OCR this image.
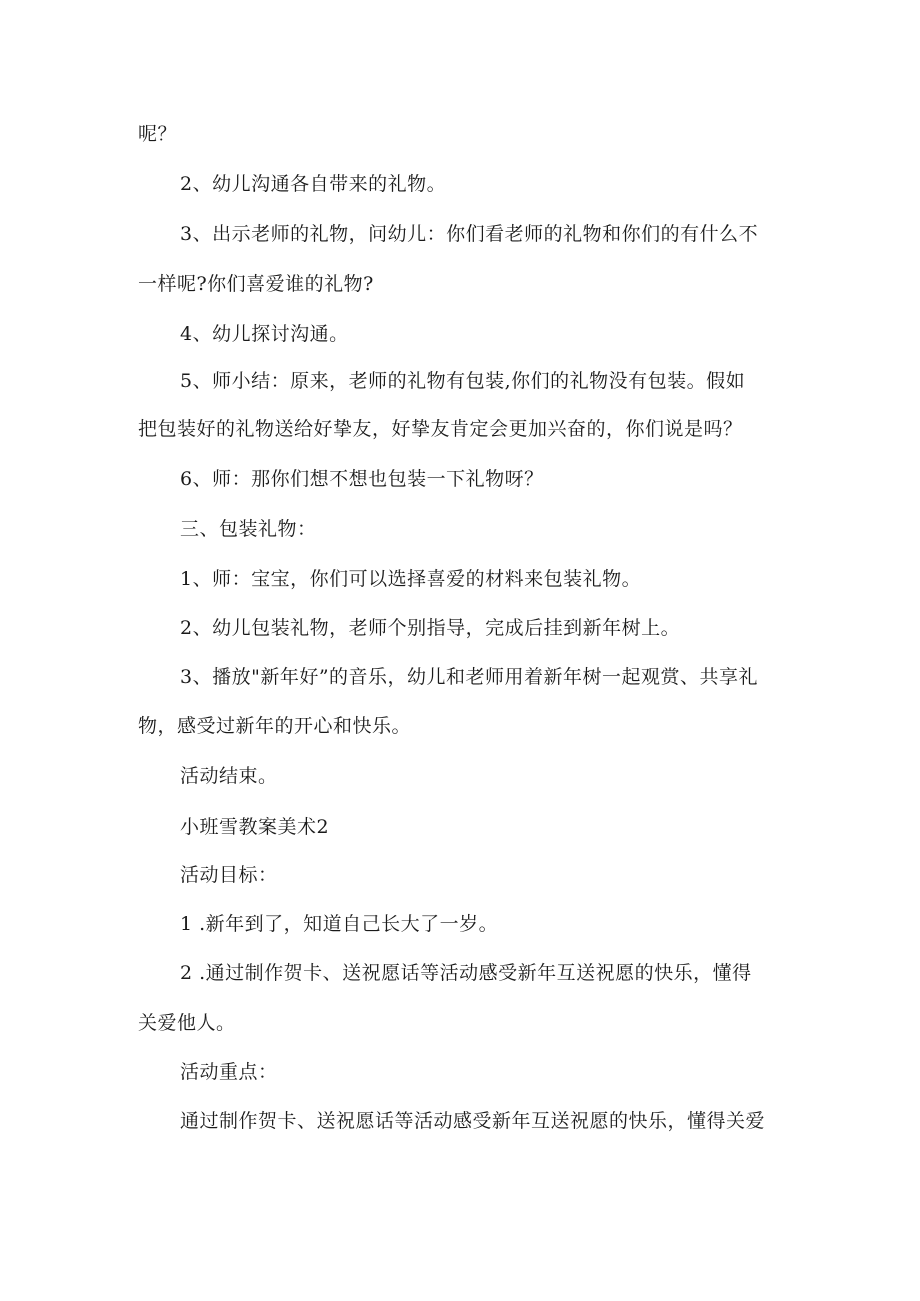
呢？

2、幼儿沟通各自带来的礼物。

3、出示老师的礼物，问幼儿：你们看老师的礼物和你们的有什么不

一样呢?你们喜爱谁的礼物?

4、幼儿探讨沟通。

5、师小结：原来，老师的礼物有包装,你们的礼物没有包装。假如

把包装好的礼物送给好挚友，好挚友肯定会更加兴奋的，你们说是吗？

6、师：那你们想不想也包装一下礼物呀？

三、包装礼物：

1、师：宝宝，你们可以选择喜爱的材料来包装礼物。

2、幼儿包装礼物，老师个别指导，完成后挂到新年树上。

3、播放"新年好”的音乐，幼儿和老师用着新年树一起观赏、共享礼

物，感受过新年的开心和快乐。

活动结束。

小班雪教案美术2

活动目标：

1 .新年到了，知道自己长大了一岁。

2 .通过制作贺卡、送祝愿话等活动感受新年互送祝愿的快乐，懂得

关爱他人。

活动重点：

通过制作贺卡、送祝愿话等活动感受新年互送祝愿的快乐，懂得关爱
